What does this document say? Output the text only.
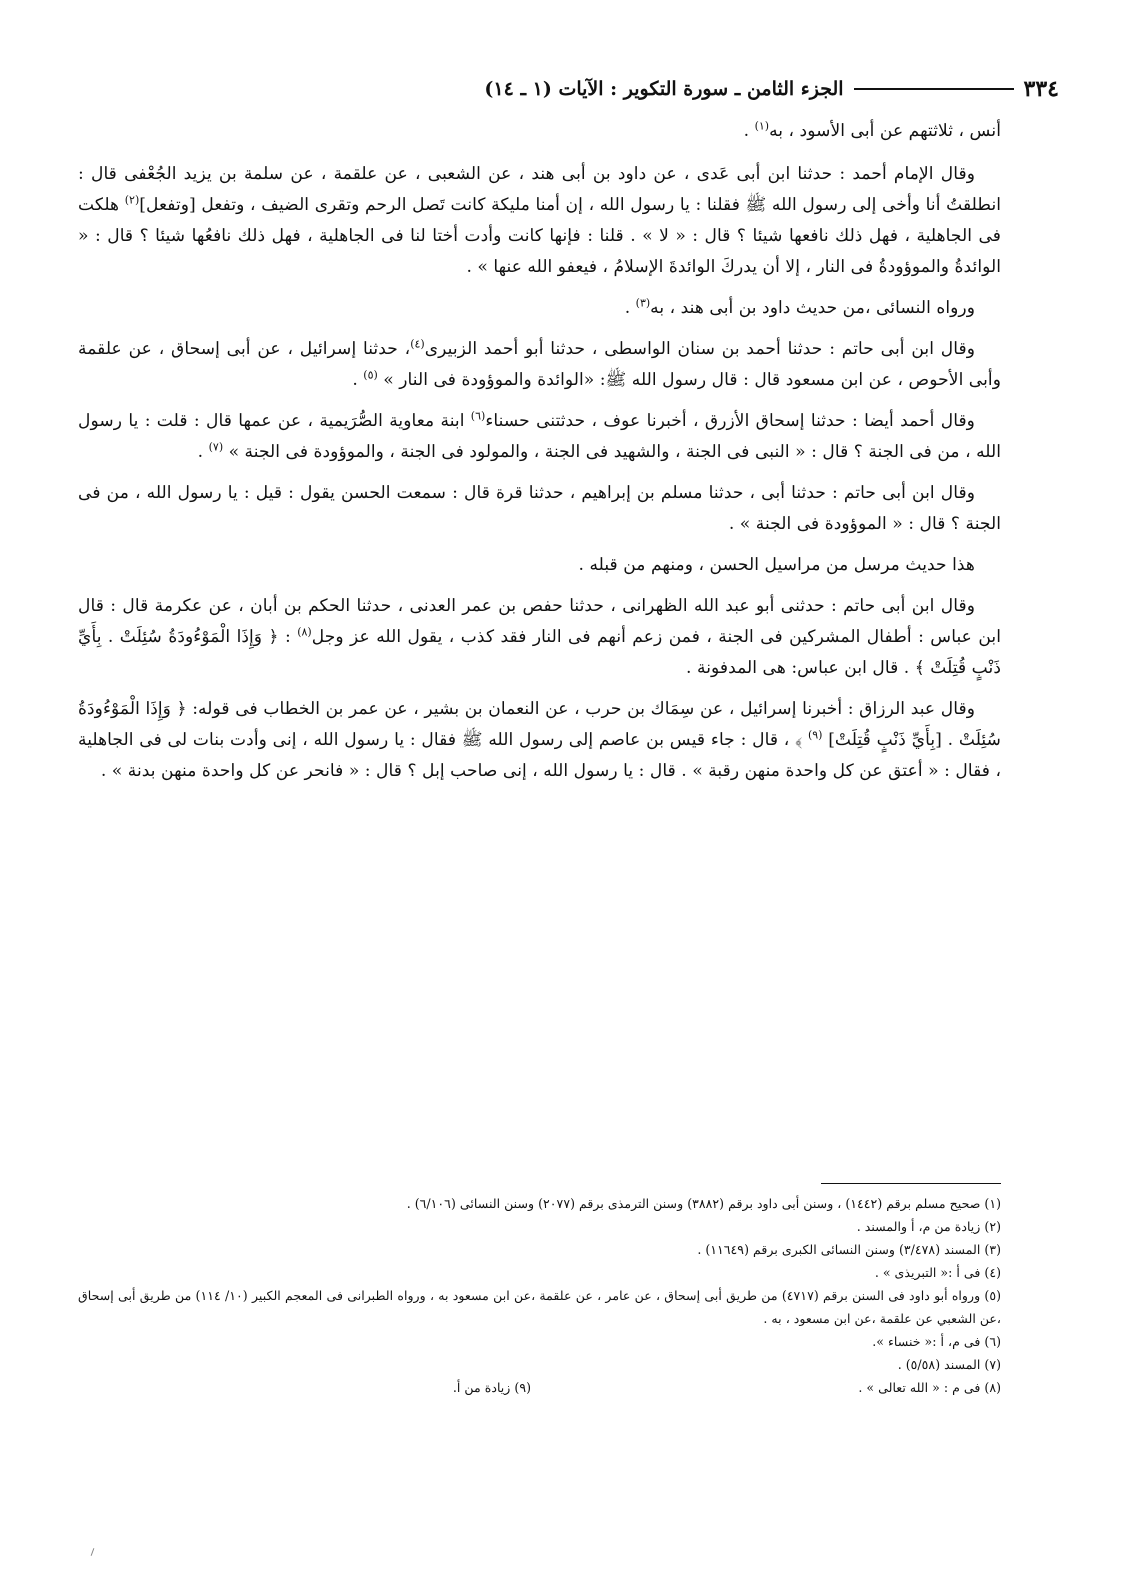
٣٣٤
الجزء الثامن ـ سورة التكوير : الآيات (١ ـ ١٤)

أنس ، ثلاثتهم عن أبى الأسود ، به$^{(١)}$ .

وقال الإمام أحمد : حدثنا ابن أبى عَدى ، عن داود بن أبى هند ، عن الشعبى ، عن علقمة ، عن سلمة بن يزيد الجُعْفى قال : انطلقتُ أنا وأخى إلى رسول الله ﷺ فقلنا : يا رسول الله ، إن أمنا مليكة كانت تَصل الرحم وتقرى الضيف ، وتفعل [وتفعل]$^{(٢)}$ هلكت فى الجاهلية ، فهل ذلك نافعها شيئا ؟ قال : « لا » . قلنا : فإنها كانت وأدت أختا لنا فى الجاهلية ، فهل ذلك نافعُها شيئا ؟ قال : « الوائدةُ والموؤودةُ فى النار ، إلا أن يدركَ الوائدةَ الإسلامُ ، فيعفو الله عنها » .

ورواه النسائى ،من حديث داود بن أبى هند ، به$^{(٣)}$ .

وقال ابن أبى حاتم : حدثنا أحمد بن سنان الواسطى ، حدثنا أبو أحمد الزبيرى$^{(٤)}$، حدثنا إسرائيل ، عن أبى إسحاق ، عن علقمة وأبى الأحوص ، عن ابن مسعود قال : قال رسول الله ﷺ: «الوائدة والموؤودة فى النار » $^{(٥)}$ .

وقال أحمد أيضا : حدثنا إسحاق الأزرق ، أخبرنا عوف ، حدثتنى حسناء$^{(٦)}$ ابنة معاوية الصُّرَيمية ، عن عمها قال : قلت : يا رسول الله ، من فى الجنة ؟ قال : « النبى فى الجنة ، والشهيد فى الجنة ، والمولود فى الجنة ، والموؤودة فى الجنة » $^{(٧)}$ .

وقال ابن أبى حاتم : حدثنا أبى ، حدثنا مسلم بن إبراهيم ، حدثنا قرة قال : سمعت الحسن يقول : قيل : يا رسول الله ، من فى الجنة ؟ قال : « الموؤودة فى الجنة » .

هذا حديث مرسل من مراسيل الحسن ، ومنهم من قبله .

وقال ابن أبى حاتم : حدثنى أبو عبد الله الظهرانى ، حدثنا حفص بن عمر العدنى ، حدثنا الحكم بن أبان ، عن عكرمة قال : قال ابن عباس : أطفال المشركين فى الجنة ، فمن زعم أنهم فى النار فقد كذب ، يقول الله عز وجل$^{(٨)}$ : ﴿ وَإِذَا الْمَوْءُودَةُ سُئِلَتْ . بِأَيِّ ذَنْبٍ قُتِلَتْ ﴾ . قال ابن عباس: هى المدفونة .

وقال عبد الرزاق : أخبرنا إسرائيل ، عن سِمَاك بن حرب ، عن النعمان بن بشير ، عن عمر بن الخطاب فى قوله: ﴿ وَإِذَا الْمَوْءُودَةُ سُئِلَتْ . [بِأَيِّ ذَنْبٍ قُتِلَتْ] $^{(٩)}$ ﴾ ، قال : جاء قيس بن عاصم إلى رسول الله ﷺ فقال : يا رسول الله ، إنى وأدت بنات لى فى الجاهلية ، فقال : « أعتق عن كل واحدة منهن رقبة » . قال : يا رسول الله ، إنى صاحب إبل ؟ قال : « فانحر عن كل واحدة منهن بدنة » .

(١) صحيح مسلم برقم (١٤٤٢) ، وسنن أبى داود برقم (٣٨٨٢) وسنن الترمذى برقم (٢٠٧٧) وسنن النسائى (٦/١٠٦) .
(٢) زيادة من م، أ والمسند .
(٣) المسند (٣/٤٧٨) وسنن النسائى الكبرى برقم (١١٦٤٩) .
(٤) فى أ :« التبريذى » .
(٥) ورواه أبو داود فى السنن برقم (٤٧١٧) من طريق أبى إسحاق ، عن عامر ، عن علقمة ،عن ابن مسعود به ، ورواه الطبرانى فى المعجم الكبير (١٠/ ١١٤) من طريق أبى إسحاق ،عن الشعبي عن علقمة ،عن ابن مسعود ، به .
(٦) فى م، أ :« خنساء ».
(٧) المسند (٥/٥٨) .
(٨) فى م : « الله تعالى » .
(٩) زيادة من أ.
